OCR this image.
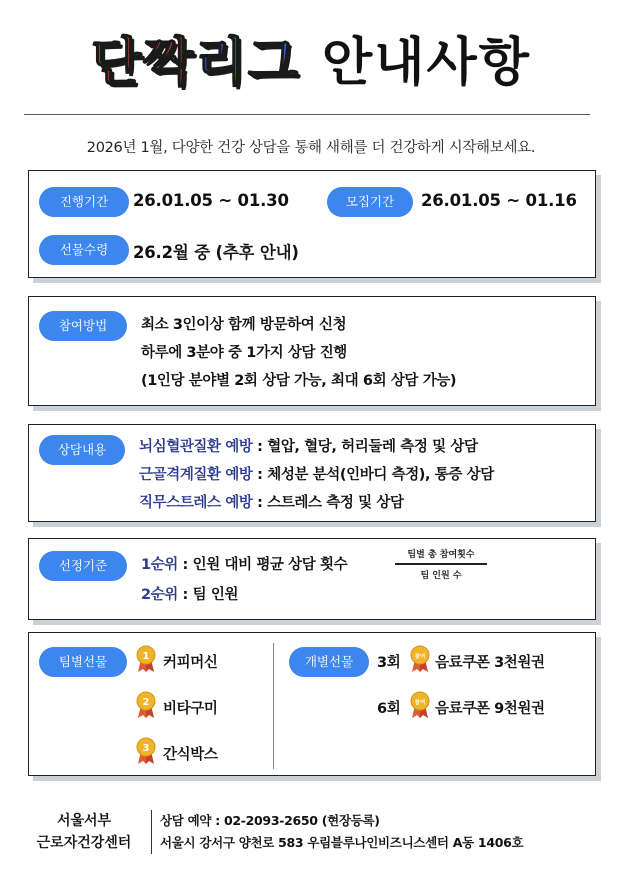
단짝리그 안내사항
2026년 1월, 다양한 건강 상담을 통해 새해를 더 건강하게 시작해보세요.
진행기간	26.01.05 ~ 01.30	모집기간	26.01.05 ~ 01.16
선물수령	26.2월 중 (추후 안내)
참여방법	최소 3인이상 함께 방문하여 신청
하루에 3분야 중 1가지 상담 진행
(1인당 분야별 2회 상담 가능, 최대 6회 상담 가능)
상담내용	뇌심혈관질환 예방 : 혈압, 혈당, 허리둘레 측정 및 상담
근골격계질환 예방 : 체성분 분석(인바디 측정), 통증 상담
직무스트레스 예방 : 스트레스 측정 및 상담
선정기준	1순위 : 인원 대비 평균 상담 횟수
팀별 총 참여횟수
팀 인원 수
2순위 : 팀 인원
팀별선물	1 커피머신
2 비타구미
3 간식박스
개별선물	3회	참여 음료쿠폰 3천원권
6회	참여 음료쿠폰 9천원권
서울서부
근로자건강센터
상담 예약 : 02-2093-2650 (현장등록)
서울시 강서구 양천로 583 우림블루나인비즈니스센터 A동 1406호
